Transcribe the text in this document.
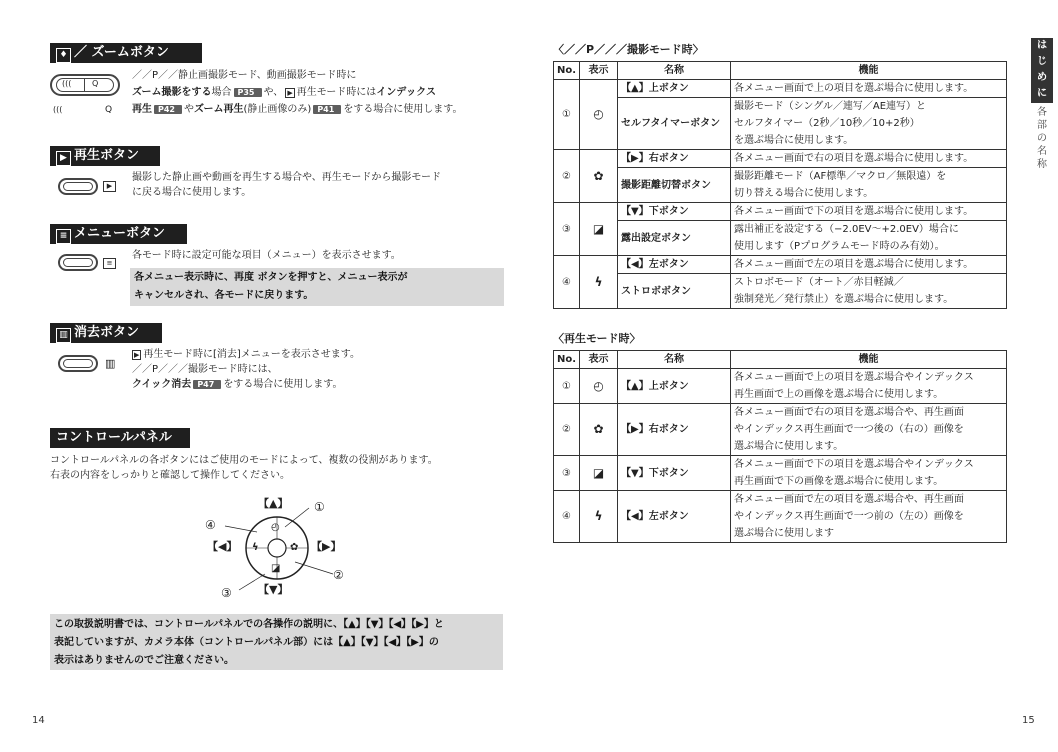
♦ ／ ズームボタン
(((	Q
(((	Q
／／P／／静止画撮影モード、動画撮影モード時に
ズーム撮影をする場合 P35 や、 ▶ 再生モード時にはインデックス
再生 P42 やズーム再生(静止画像のみ) P41 をする場合に使用します。
▶ 再生ボタン
▶
撮影した静止画や動画を再生する場合や、再生モードから撮影モード
に戻る場合に使用します。
≡ メニューボタン
≡
各モード時に設定可能な項目（メニュー）を表示させます。
各メニュー表示時に、再度 ボタンを押すと、メニュー表示が
キャンセルされ、各モードに戻ります。
▥ 消去ボタン
▥
▶ 再生モード時に[消去]メニューを表示させます。
／／P／／／撮影モード時には、
クイック消去 P47 をする場合に使用します。
コントロールパネル
コントロールパネルの各ボタンにはご使用のモードによって、複数の役割があります。
右表の内容をしっかりと確認して操作してください。
◴
✿
◪
ϟ
【▲】
【▼】
【◀】	【▶】
①
②
③
④
この取扱説明書では、コントロールパネルでの各操作の説明に、【▲】【▼】【◀】【▶】と
表記していますが、カメラ本体（コントロールパネル部）には【▲】【▼】【◀】【▶】の
表示はありませんのでご注意ください。
14
〈／／P／／／撮影モード時〉
No.	表示	名称	機能
①	◴	【▲】上ボタン	各メニュー画面で上の項目を選ぶ場合に使用します。
		セルフタイマーボタン	撮影モード（シングル／連写／AE連写）と
セルフタイマー（2秒／10秒／10+2秒）
を選ぶ場合に使用します。

②	✿	【▶】右ボタン	各メニュー画面で右の項目を選ぶ場合に使用します。
		撮影距離切替ボタン	撮影距離モード（AF標準／マクロ／無限遠）を
切り替える場合に使用します。

③	◪	【▼】下ボタン	各メニュー画面で下の項目を選ぶ場合に使用します。
		露出設定ボタン	露出補正を設定する（−2.0EV〜+2.0EV）場合に
使用します（Pプログラムモード時のみ有効）。

④	ϟ	【◀】左ボタン	各メニュー画面で左の項目を選ぶ場合に使用します。
		ストロボボタン	ストロボモード（オート／赤目軽減／
強制発光／発行禁止）を選ぶ場合に使用します。
〈再生モード時〉
No.	表示	名称	機能
①	◴	【▲】上ボタン	各メニュー画面で上の項目を選ぶ場合やインデックス
再生画面で上の画像を選ぶ場合に使用します。

②	✿	【▶】右ボタン	各メニュー画面で右の項目を選ぶ場合や、再生画面
やインデックス再生画面で一つ後の（右の）画像を
選ぶ場合に使用します。

③	◪	【▼】下ボタン	各メニュー画面で下の項目を選ぶ場合やインデックス
再生画面で下の画像を選ぶ場合に使用します。

④	ϟ	【◀】左ボタン	各メニュー画面で左の項目を選ぶ場合や、再生画面
やインデックス再生画面で一つ前の（左の）画像を
選ぶ場合に使用します
は
じ
め
に
各
部
の
名
称
15
